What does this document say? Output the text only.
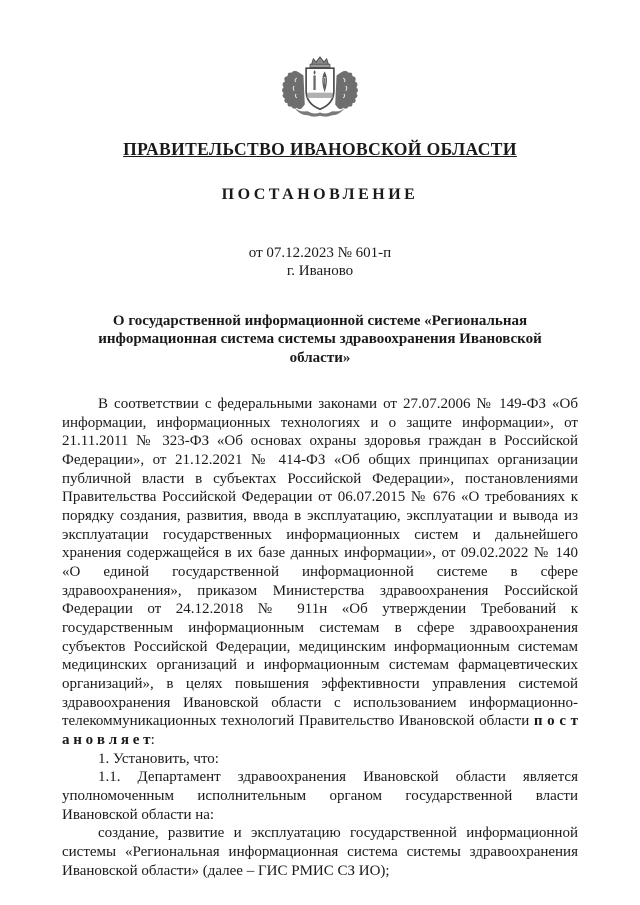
ПРАВИТЕЛЬСТВО ИВАНОВСКОЙ ОБЛАСТИ
ПОСТАНОВЛЕНИЕ
от 07.12.2023 № 601-п
г. Иваново
О государственной информационной системе «Региональная информационная система системы здравоохранения Ивановской области»

В соответствии с федеральными законами от 27.07.2006 № 149-ФЗ «Об информации, информационных технологиях и о защите информации», от 21.11.2011 № 323-ФЗ «Об основах охраны здоровья граждан в Российской Федерации», от 21.12.2021 № 414-ФЗ «Об общих принципах организации публичной власти в субъектах Российской Федерации», постановлениями Правительства Российской Федерации от 06.07.2015 № 676 «О требованиях к порядку создания, развития, ввода в эксплуатацию, эксплуатации и вывода из эксплуатации государственных информационных систем и дальнейшего хранения содержащейся в их базе данных информации», от 09.02.2022 № 140 «О единой государственной информационной системе в сфере здравоохранения», приказом Министерства здравоохранения Российской Федерации от 24.12.2018 № 911н «Об утверждении Требований к государственным информационным системам в сфере здравоохранения субъектов Российской Федерации, медицинским информационным системам медицинских организаций и информационным системам фармацевтических организаций», в целях повышения эффективности управления системой здравоохранения Ивановской области с использованием информационно-телекоммуникационных технологий Правительство Ивановской области п о с т а н о в л я е т:

1. Установить, что:

1.1. Департамент здравоохранения Ивановской области является уполномоченным исполнительным органом государственной власти Ивановской области на:

создание, развитие и эксплуатацию государственной информационной системы «Региональная информационная система системы здравоохранения Ивановской области» (далее – ГИС РМИС СЗ ИО);
